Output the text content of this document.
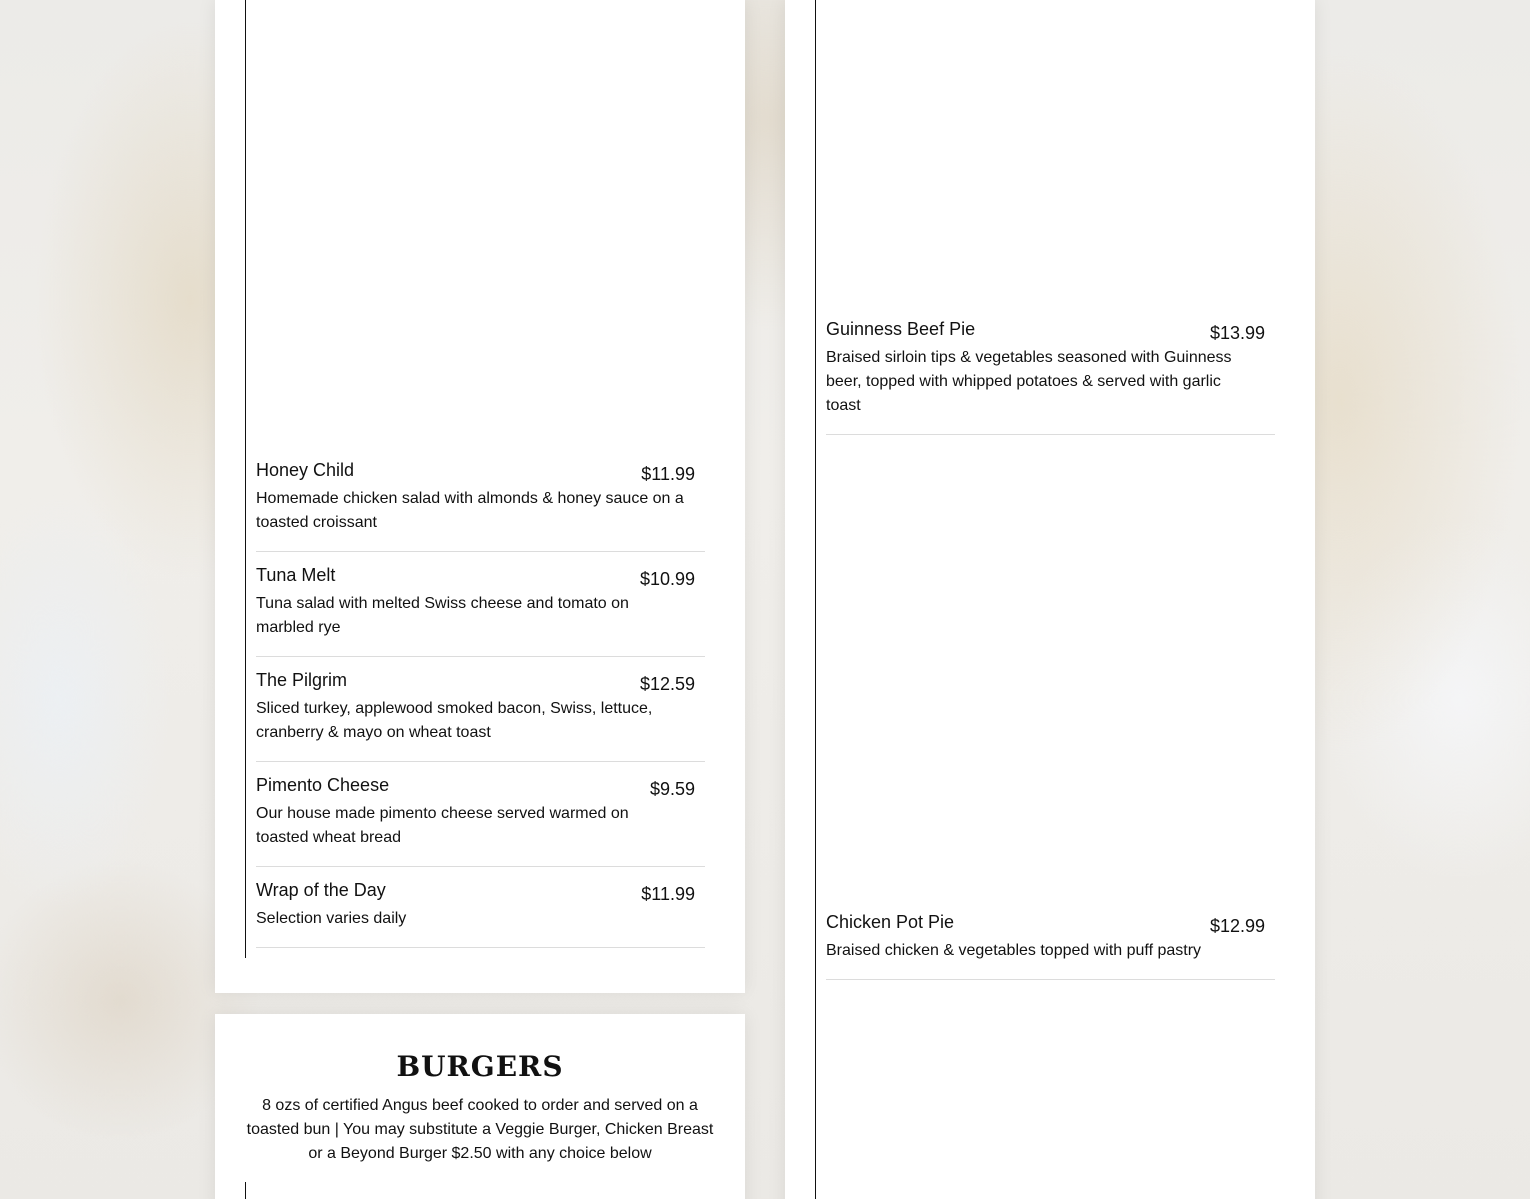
Honey Child	$11.99
Homemade chicken salad with almonds & honey sauce on a toasted croissant
Tuna Melt	$10.99
Tuna salad with melted Swiss cheese and tomato on marbled rye
The Pilgrim	$12.59
Sliced turkey, applewood smoked bacon, Swiss, lettuce, cranberry & mayo on wheat toast
Pimento Cheese	$9.59
Our house made pimento cheese served warmed on toasted wheat bread
Wrap of the Day	$11.99
Selection varies daily
BURGERS
8 ozs of certified Angus beef cooked to order and served on a toasted bun | You may substitute a Veggie Burger, Chicken Breast or a Beyond Burger $2.50 with any choice below
Guinness Beef Pie	$13.99
Braised sirloin tips & vegetables seasoned with Guinness beer, topped with whipped potatoes & served with garlic toast
Chicken Pot Pie	$12.99
Braised chicken & vegetables topped with puff pastry
